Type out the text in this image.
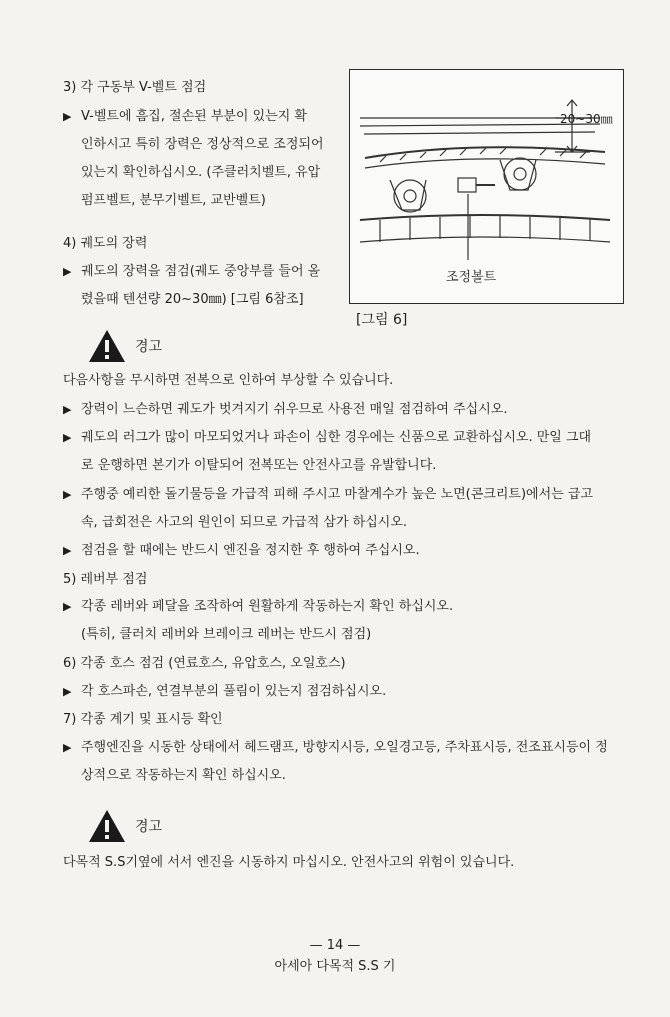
3) 각 구동부 V-벨트 점검
▶ V-벨트에 흠집, 절손된 부분이 있는지 확
인하시고 특히 장력은 정상적으로 조정되어
있는지 확인하십시오. (주클러치벨트, 유압
펌프벨트, 분무기벨트, 교반벨트)
4) 궤도의 장력
▶ 궤도의 장력을 점검(궤도 중앙부를 들어 올
렸을때 텐션량 20~30㎜) [그림 6참조]
20~30㎜
조정볼트
[그림 6]
경고
다음사항을 무시하면 전복으로 인하여 부상할 수 있습니다.
▶ 장력이 느슨하면 궤도가 벗겨지기 쉬우므로 사용전 매일 점검하여 주십시오.
▶ 궤도의 러그가 많이 마모되었거나 파손이 심한 경우에는 신품으로 교환하십시오. 만일 그대
로 운행하면 본기가 이탈되어 전복또는 안전사고를 유발합니다.
▶ 주행중 예리한 돌기물등을 가급적 피해 주시고 마찰계수가 높은 노면(콘크리트)에서는 급고
속, 급회전은 사고의 원인이 되므로 가급적 삼가 하십시오.
▶ 점검을 할 때에는 반드시 엔진을 정지한 후 행하여 주십시오.
5) 레버부 점검
▶ 각종 레버와 페달을 조작하여 원활하게 작동하는지 확인 하십시오.
(특히, 클러치 레버와 브레이크 레버는 반드시 점검)
6) 각종 호스 점검 (연료호스, 유압호스, 오일호스)
▶ 각 호스파손, 연결부분의 풀림이 있는지 점검하십시오.
7) 각종 계기 및 표시등 확인
▶ 주행엔진을 시동한 상태에서 헤드램프, 방향지시등, 오일경고등, 주차표시등, 전조표시등이 정
상적으로 작동하는지 확인 하십시오.
경고
다목적 S.S기옆에 서서 엔진을 시동하지 마십시오. 안전사고의 위험이 있습니다.
— 14 —
아세아 다목적 S.S 기
